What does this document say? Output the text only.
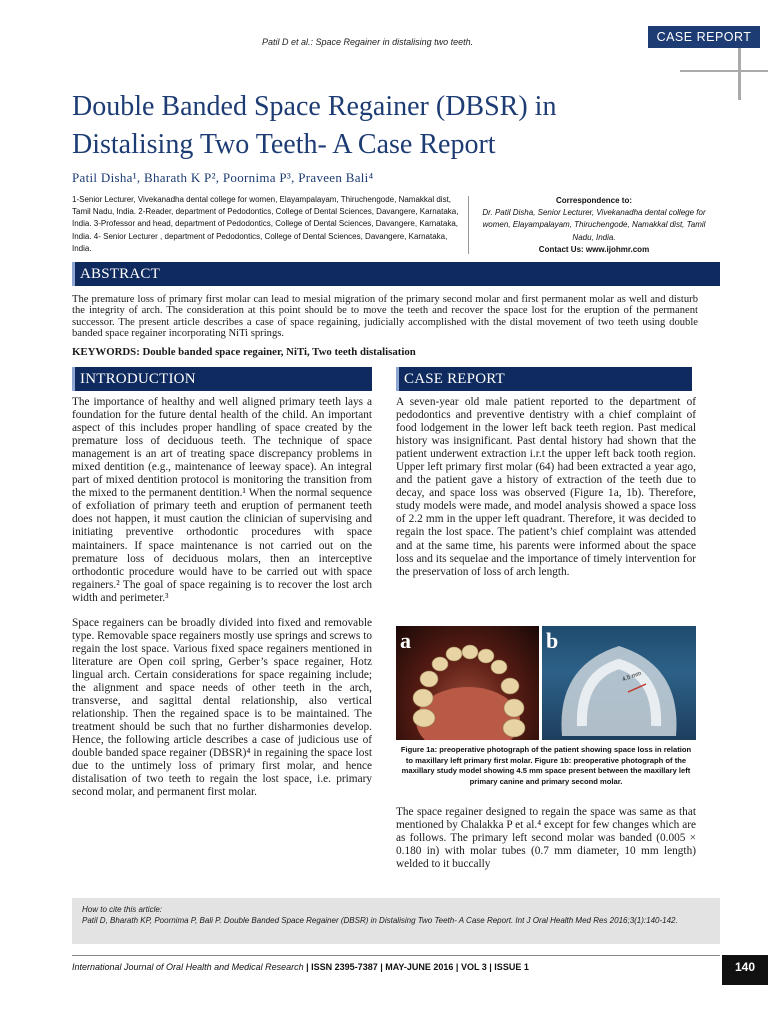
Patil D et al.: Space Regainer in distalising two teeth.	CASE REPORT
Double Banded Space Regainer (DBSR) in
Distalising Two Teeth- A Case Report
Patil Disha¹, Bharath K P², Poornima P³, Praveen Bali⁴
1-Senior Lecturer, Vivekanadha dental college for women, Elayampalayam, Thiruchengode, Namakkal dist, Tamil Nadu, India. 2-Reader, department of Pedodontics, College of Dental Sciences, Davangere, Karnataka, India. 3-Professor and head, department of Pedodontics, College of Dental Sciences, Davangere, Karnataka, India. 4- Senior Lecturer , department of Pedodontics, College of Dental Sciences, Davangere, Karnataka, India.
Correspondence to:
Dr. Patil Disha, Senior Lecturer, Vivekanadha dental college for women, Elayampalayam, Thiruchengode, Namakkal dist, Tamil Nadu, India.
Contact Us: www.ijohmr.com
ABSTRACT
The premature loss of primary first molar can lead to mesial migration of the primary second molar and first permanent molar as well and disturb the integrity of arch. The consideration at this point should be to move the teeth and recover the space lost for the eruption of the permanent successor. The present article describes a case of space regaining, judicially accomplished with the distal movement of two teeth using double banded space regainer incorporating NiTi springs.
KEYWORDS: Double banded space regainer, NiTi, Two teeth distalisation
INTRODUCTION

The importance of healthy and well aligned primary teeth lays a foundation for the future dental health of the child. An important aspect of this includes proper handling of space created by the premature loss of deciduous teeth. The technique of space management is an art of treating space discrepancy problems in mixed dentition (e.g., maintenance of leeway space). An integral part of mixed dentition protocol is monitoring the transition from the mixed to the permanent dentition.¹ When the normal sequence of exfoliation of primary teeth and eruption of permanent teeth does not happen, it must caution the clinician of supervising and initiating preventive orthodontic procedures with space maintainers. If space maintenance is not carried out on the premature loss of deciduous molars, then an interceptive orthodontic procedure would have to be carried out with space regainers.² The goal of space regaining is to recover the lost arch width and perimeter.³

Space regainers can be broadly divided into fixed and removable type. Removable space regainers mostly use springs and screws to regain the lost space. Various fixed space regainers mentioned in literature are Open coil spring, Gerber’s space regainer, Hotz lingual arch. Certain considerations for space regaining include; the alignment and space needs of other teeth in the arch, transverse, and sagittal dental relationship, also vertical relationship. Then the regained space is to be maintained. The treatment should be such that no further disharmonies develop. Hence, the following article describes a case of judicious use of double banded space regainer (DBSR)⁴ in regaining the space lost due to the untimely loss of primary first molar, and hence distalisation of two teeth to regain the lost space, i.e. primary second molar, and permanent first molar.

CASE REPORT

A seven-year old male patient reported to the department of pedodontics and preventive dentistry with a chief complaint of food lodgement in the lower left back teeth region. Past medical history was insignificant. Past dental history had shown that the patient underwent extraction i.r.t the upper left back tooth region. Upper left primary first molar (64) had been extracted a year ago, and the patient gave a history of extraction of the teeth due to decay, and space loss was observed (Figure 1a, 1b). Therefore, study models were made, and model analysis showed a space loss of 2.2 mm in the upper left quadrant. Therefore, it was decided to regain the lost space. The patient’s chief complaint was attended and at the same time, his parents were informed about the space loss and its sequelae and the importance of timely intervention for the preservation of loss of arch length.

a	b
4.5 mm
Figure 1a: preoperative photograph of the patient showing space loss in relation to maxillary left primary first molar. Figure 1b: preoperative photograph of the maxillary study model showing 4.5 mm space present between the maxillary left primary canine and primary second molar.

The space regainer designed to regain the space was same as that mentioned by Chalakka P et al.⁴ except for few changes which are as follows. The primary left second molar was banded (0.005 × 0.180 in) with molar tubes (0.7 mm diameter, 10 mm length) welded to it buccally

How to cite this article:
Patil D, Bharath KP, Poornima P, Bali P. Double Banded Space Regainer (DBSR) in Distalising Two Teeth- A Case Report. Int J Oral Health Med Res 2016;3(1):140-142.
International Journal of Oral Health and Medical Research | ISSN 2395-7387 | MAY-JUNE 2016 | VOL 3 | ISSUE 1	140
